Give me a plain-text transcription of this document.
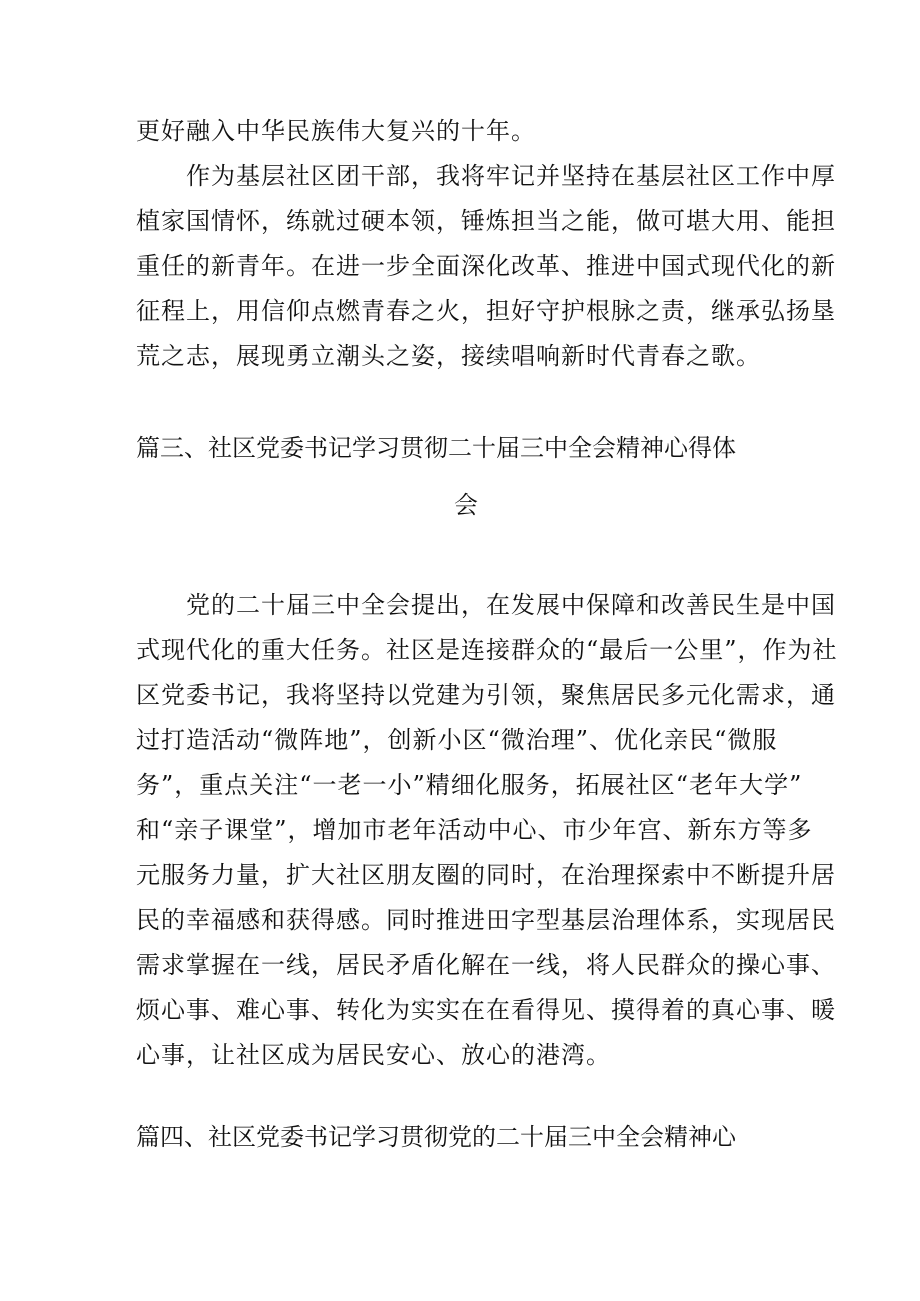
更好融入中华民族伟大复兴的十年。
　　作为基层社区团干部，我将牢记并坚持在基层社区工作中厚
植家国情怀，练就过硬本领，锤炼担当之能，做可堪大用、能担
重任的新青年。在进一步全面深化改革、推进中国式现代化的新
征程上，用信仰点燃青春之火，担好守护根脉之责，继承弘扬垦
荒之志，展现勇立潮头之姿，接续唱响新时代青春之歌。
篇三、社区党委书记学习贯彻二十届三中全会精神心得体
会
　　党的二十届三中全会提出，在发展中保障和改善民生是中国
式现代化的重大任务。社区是连接群众的“最后一公里”，作为社
区党委书记，我将坚持以党建为引领，聚焦居民多元化需求，通
过打造活动“微阵地”，创新小区“微治理”、优化亲民“微服
务”，重点关注“一老一小”精细化服务，拓展社区“老年大学”
和“亲子课堂”，增加市老年活动中心、市少年宫、新东方等多
元服务力量，扩大社区朋友圈的同时，在治理探索中不断提升居
民的幸福感和获得感。同时推进田字型基层治理体系，实现居民
需求掌握在一线，居民矛盾化解在一线，将人民群众的操心事、
烦心事、难心事、转化为实实在在看得见、摸得着的真心事、暖
心事，让社区成为居民安心、放心的港湾。
篇四、社区党委书记学习贯彻党的二十届三中全会精神心
